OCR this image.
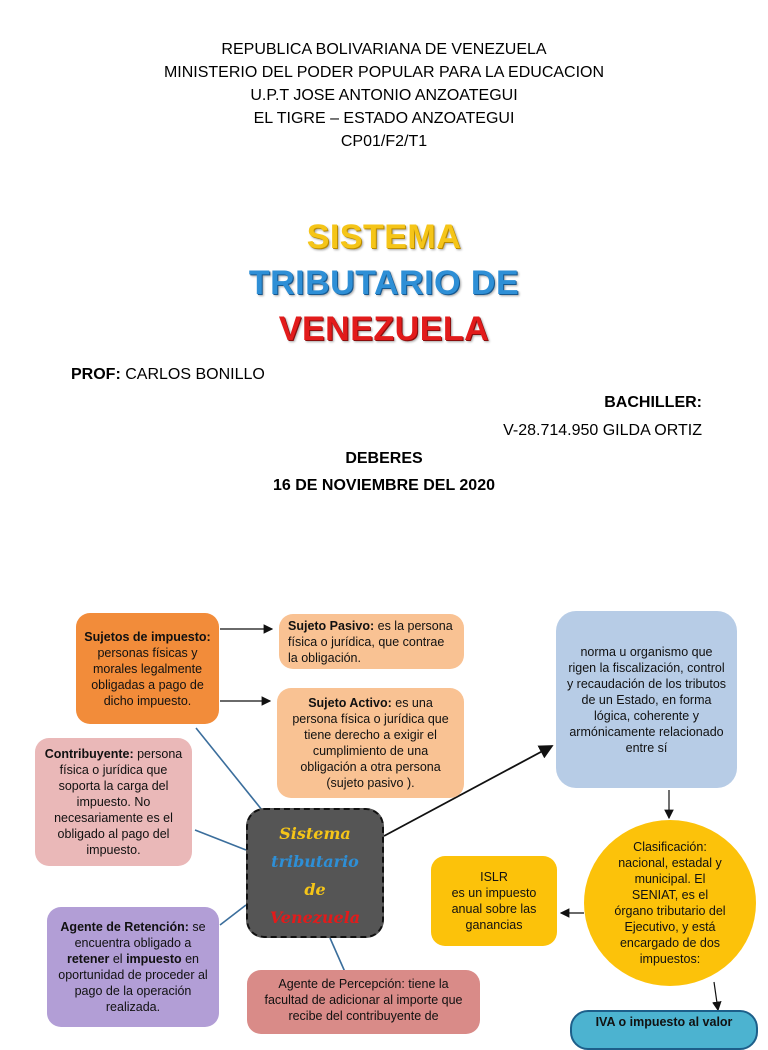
REPUBLICA BOLIVARIANA DE VENEZUELA
MINISTERIO DEL PODER POPULAR PARA LA EDUCACION
U.P.T JOSE ANTONIO ANZOATEGUI
EL TIGRE – ESTADO ANZOATEGUI
CP01/F2/T1
SISTEMA
TRIBUTARIO DE
VENEZUELA
PROF: CARLOS BONILLO
BACHILLER:
V-28.714.950 GILDA ORTIZ
DEBERES
16 DE NOVIEMBRE DEL 2020
Sujetos de impuesto: personas físicas y morales legalmente obligadas a pago de dicho impuesto.
Sujeto Pasivo: es la persona física o jurídica, que contrae la obligación.
Sujeto Activo: es una persona física o jurídica que tiene derecho a exigir el cumplimiento de una obligación a otra persona (sujeto pasivo ).
Contribuyente: persona física o jurídica que soporta la carga del impuesto. No necesariamente es el obligado al pago del impuesto.
Sistema
tributario
de
Venezuela
Agente de Retención: se encuentra obligado a retener el impuesto en oportunidad de proceder al pago de la operación realizada.
Agente de Percepción: tiene la facultad de adicionar al importe que recibe del contribuyente de
norma u organismo que rigen la fiscalización, control y recaudación de los tributos de un Estado, en forma lógica, coherente y armónicamente relacionado entre sí
Clasificación: nacional, estadal y municipal. El SENIAT, es el órgano tributario del Ejecutivo, y está encargado de dos impuestos:
ISLR
es un impuesto anual sobre las ganancias
IVA o impuesto al valor
